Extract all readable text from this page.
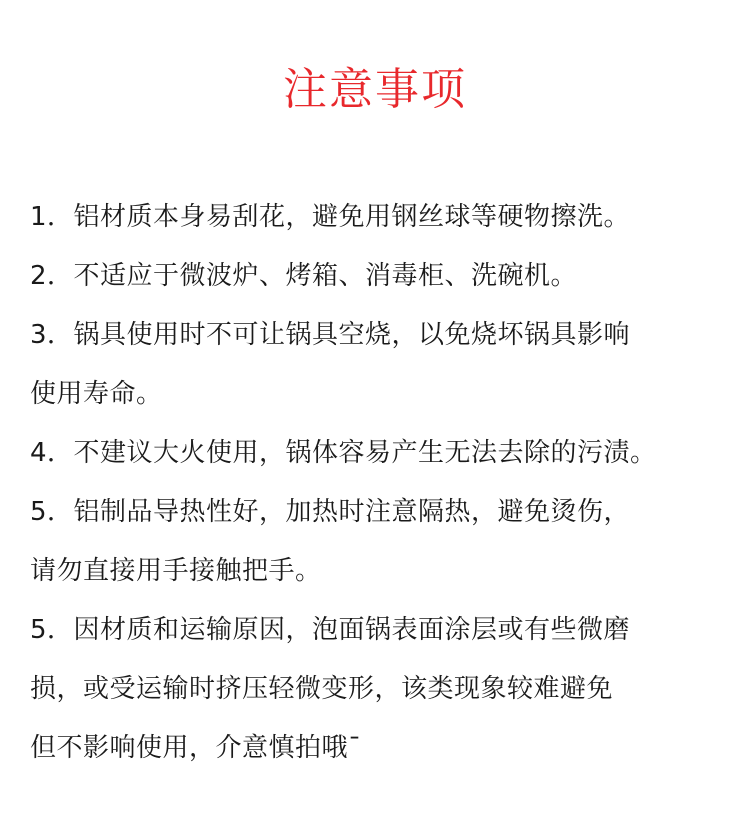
注意事项
1．铝材质本身易刮花，避免用钢丝球等硬物擦洗。
2．不适应于微波炉、烤箱、消毒柜、洗碗机。
3．锅具使用时不可让锅具空烧，以免烧坏锅具影响
使用寿命。
4．不建议大火使用，锅体容易产生无法去除的污渍。
5．铝制品导热性好，加热时注意隔热，避免烫伤，
请勿直接用手接触把手。
5．因材质和运输原因，泡面锅表面涂层或有些微磨
损，或受运输时挤压轻微变形，该类现象较难避免
但不影响使用，介意慎拍哦ˉ
